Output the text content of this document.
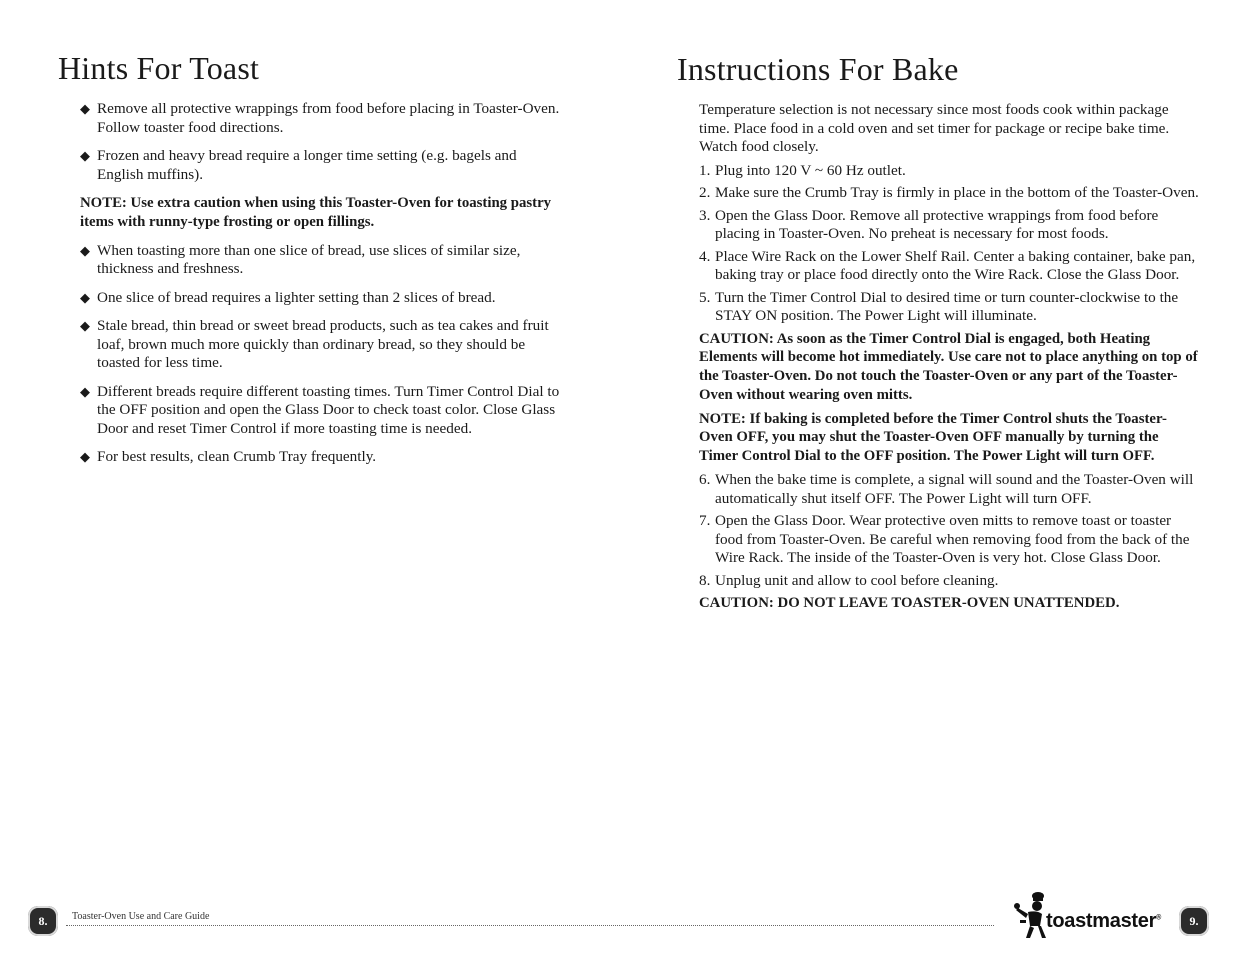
Hints For Toast

◆ Remove all protective wrappings from food before placing in Toaster-Oven. Follow toaster food directions.

◆ Frozen and heavy bread require a longer time setting (e.g. bagels and English muffins).

NOTE: Use extra caution when using this Toaster-Oven for toasting pastry items with runny-type frosting or open fillings.

◆ When toasting more than one slice of bread, use slices of similar size, thickness and freshness.

◆ One slice of bread requires a lighter setting than 2 slices of bread.

◆ Stale bread, thin bread or sweet bread products, such as tea cakes and fruit loaf, brown much more quickly than ordinary bread, so they should be toasted for less time.

◆ Different breads require different toasting times. Turn Timer Control Dial to the OFF position and open the Glass Door to check toast color. Close Glass Door and reset Timer Control if more toasting time is needed.

◆ For best results, clean Crumb Tray frequently.

Instructions For Bake

Temperature selection is not necessary since most foods cook within package time. Place food in a cold oven and set timer for package or recipe bake time. Watch food closely.

1. Plug into 120 V ~ 60 Hz outlet.

2. Make sure the Crumb Tray is firmly in place in the bottom of the Toaster-Oven.

3. Open the Glass Door. Remove all protective wrappings from food before placing in Toaster-Oven. No preheat is necessary for most foods.

4. Place Wire Rack on the Lower Shelf Rail. Center a baking container, bake pan, baking tray or place food directly onto the Wire Rack. Close the Glass Door.

5. Turn the Timer Control Dial to desired time or turn counter-clockwise to the STAY ON position. The Power Light will illuminate.

CAUTION: As soon as the Timer Control Dial is engaged, both Heating Elements will become hot immediately. Use care not to place anything on top of the Toaster-Oven. Do not touch the Toaster-Oven or any part of the Toaster-Oven without wearing oven mitts.

NOTE: If baking is completed before the Timer Control shuts the Toaster-Oven OFF, you may shut the Toaster-Oven OFF manually by turning the Timer Control Dial to the OFF position. The Power Light will turn OFF.

6. When the bake time is complete, a signal will sound and the Toaster-Oven will automatically shut itself OFF. The Power Light will turn OFF.

7. Open the Glass Door. Wear protective oven mitts to remove toast or toaster food from Toaster-Oven. Be careful when removing food from the back of the Wire Rack. The inside of the Toaster-Oven is very hot. Close Glass Door.

8. Unplug unit and allow to cool before cleaning.

CAUTION: DO NOT LEAVE TOASTER-OVEN UNATTENDED.

8.	Toaster-Oven Use and Care Guide	toastmaster®	9.
